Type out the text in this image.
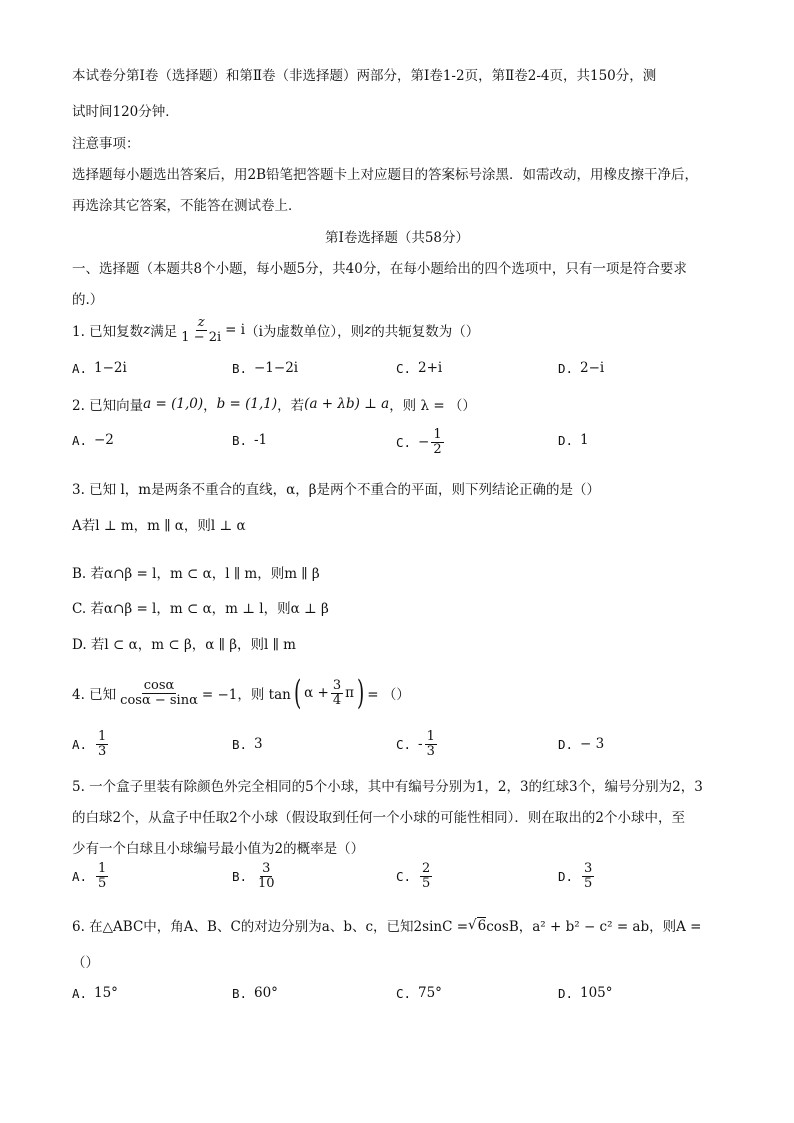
本试卷分第Ⅰ卷（选择题）和第Ⅱ卷（非选择题）两部分，第Ⅰ卷1-2页，第Ⅱ卷2-4页，共150分，测
试时间120分钟．
注意事项：
选择题每小题选出答案后，用2B铅笔把答题卡上对应题目的答案标号涂黑．如需改动，用橡皮擦干净后，
再选涂其它答案，不能答在测试卷上．
第Ⅰ卷选择题（共58分）
一、选择题（本题共8个小题，每小题5分，共40分，在每小题给出的四个选项中，只有一项是符合要求
的.）
1. 已知复数 z 满足 $\frac{z}{1 - 2i} = i$ （i为虚数单位），则 z 的共轭复数为（）
A. 1−2i	B. −1−2i	C. 2+i	D. 2−i
2. 已知向量 a = (1,0) ， b = (1,1) ，若 (a + λb) ⊥ a ，则 λ = （）
A. −2	B. -1	C. − $\frac{1}{2}$	D. 1
3. 已知 l，m是两条不重合的直线，α，β是两个不重合的平面，则下列结论正确的是（）
A若l ⊥ m，m ∥ α，则l ⊥ α
B. 若α∩β = l，m ⊂ α，l ∥ m，则m ∥ β
C. 若α∩β = l，m ⊂ α，m ⊥ l，则α ⊥ β
D. 若l ⊂ α，m ⊂ β，α ∥ β，则l ∥ m
4. 已知 $\frac{\cos\alpha}{\cos\alpha - \sin\alpha} = -1$，则 tan ( $\alpha + \frac{3}{4}$ π ) = （）
A. $\frac{1}{3}$	B. 3	C. - $\frac{1}{3}$	D. − 3
5. 一个盒子里装有除颜色外完全相同的5个小球，其中有编号分别为1，2，3的红球3个，编号分别为2，3
的白球2个，从盒子中任取2个小球（假设取到任何一个小球的可能性相同）．则在取出的2个小球中，至
少有一个白球且小球编号最小值为2的概率是（）
A. $\frac{1}{5}$	B. $\frac{3}{10}$	C. $\frac{2}{5}$	D. $\frac{3}{5}$
6. 在△ABC中，角A、B、C的对边分别为a、b、c，已知2sinC = √ 6 cosB，a² + b² − c² = ab，则A =
（）
A. 15°	B. 60°	C. 75°	D. 105°
